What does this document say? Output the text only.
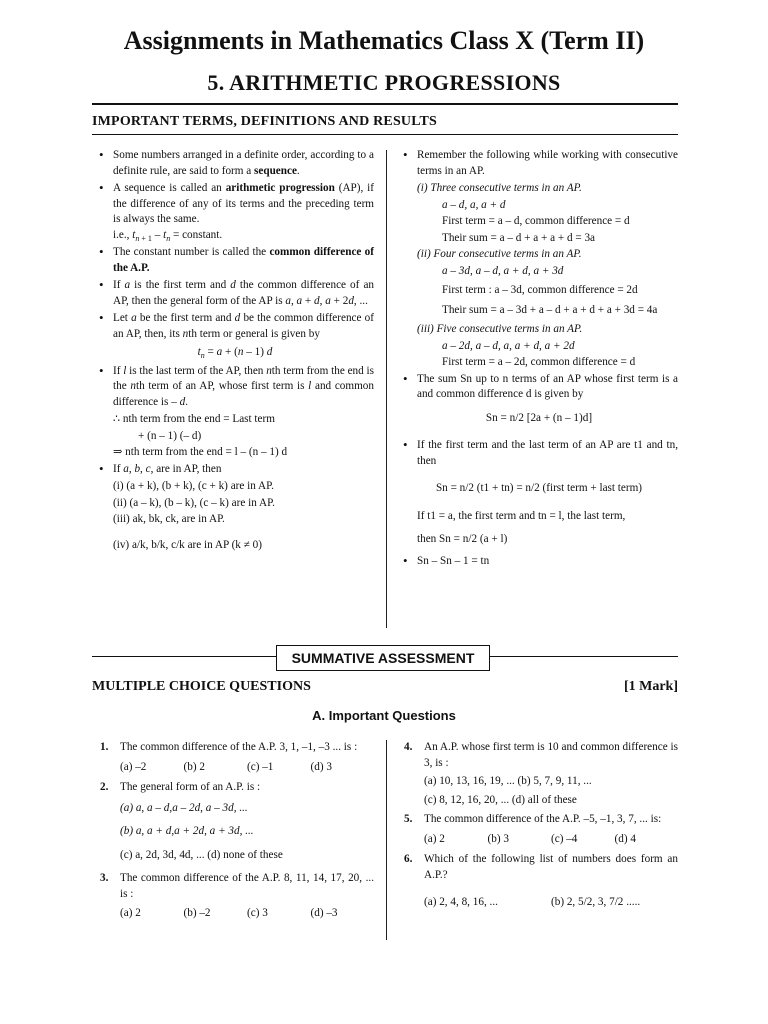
Assignments in Mathematics Class X (Term II)
5. ARITHMETIC PROGRESSIONS
IMPORTANT TERMS, DEFINITIONS AND RESULTS

• Some numbers arranged in a definite order, according to a definite rule, are said to form a sequence.

• A sequence is called an arithmetic progression (AP), if the difference of any of its terms and the preceding term is always the same.
i.e., $t_{n + 1} - t_n$ = constant.

• The constant number is called the common difference of the A.P.

• If a is the first term and d the common difference of an AP, then the general form of the AP is a, a + d, a + 2d, ...

• Let a be the first term and d be the common difference of an AP, then, its nth term or general is given by

$t_n = a + (n - 1)$ d

• If l is the last term of the AP, then nth term from the end is the nth term of an AP, whose first term is l and common difference is – d.

∴ nth term from the end = Last term

+ (n – 1) (– d)

⇒ nth term from the end = l – (n – 1) d

• If a, b, c, are in AP, then

(i) (a + k), (b + k), (c + k) are in AP.

(ii) (a – k), (b – k), (c – k) are in AP.

(iii) ak, bk, ck, are in AP.

(iv) a/k, b/k, c/k are in AP (k ≠ 0)

• Remember the following while working with consecutive terms in an AP.

(i) Three consecutive terms in an AP.

a – d, a, a + d

First term = a – d, common difference = d

Their sum = a – d + a + a + d = 3a

(ii) Four consecutive terms in an AP.

a – 3d, a – d, a + d, a + 3d

First term : a – 3d, common difference = 2d

Their sum = a – 3d + a – d + a + d + a + 3d = 4a

(iii) Five consecutive terms in an AP.

a – 2d, a – d, a, a + d, a + 2d

First term = a – 2d, common difference = d

• The sum Sn up to n terms of an AP whose first term is a and common difference d is given by

Sn = n/2 [2a + (n – 1)d]

• If the first term and the last term of an AP are t1 and tn, then

Sn = n/2 (t1 + tn) = n/2 (first term + last term)

If t1 = a, the first term and tn = l, the last term,

then Sn = n/2 (a + l)

• Sn – Sn – 1 = tn

SUMMATIVE ASSESSMENT
MULTIPLE CHOICE QUESTIONS	[1 Mark]
A. Important Questions
1. The common difference of the A.P. 3, 1, –1, –3 ... is :
(a) –2	(b) 2	(c) –1	(d) 3
2. The general form of an A.P. is :
(a) a, a – d,a – 2d, a – 3d, ...
(b) a, a + d,a + 2d, a + 3d, ...
(c) a, 2d, 3d, 4d, ... (d) none of these
3. The common difference of the A.P. 8, 11, 14, 17, 20, ... is :
(a) 2	(b) –2	(c) 3	(d) –3
4. An A.P. whose first term is 10 and common difference is 3, is :
(a) 10, 13, 16, 19, ... (b) 5, 7, 9, 11, ...
(c) 8, 12, 16, 20, ... (d) all of these
5. The common difference of the A.P. –5, –1, 3, 7, ... is:
(a) 2	(b) 3	(c) –4	(d) 4
6. Which of the following list of numbers does form an A.P.?
(a) 2, 4, 8, 16, ...	(b) 2, 5/2, 3, 7/2 .....
